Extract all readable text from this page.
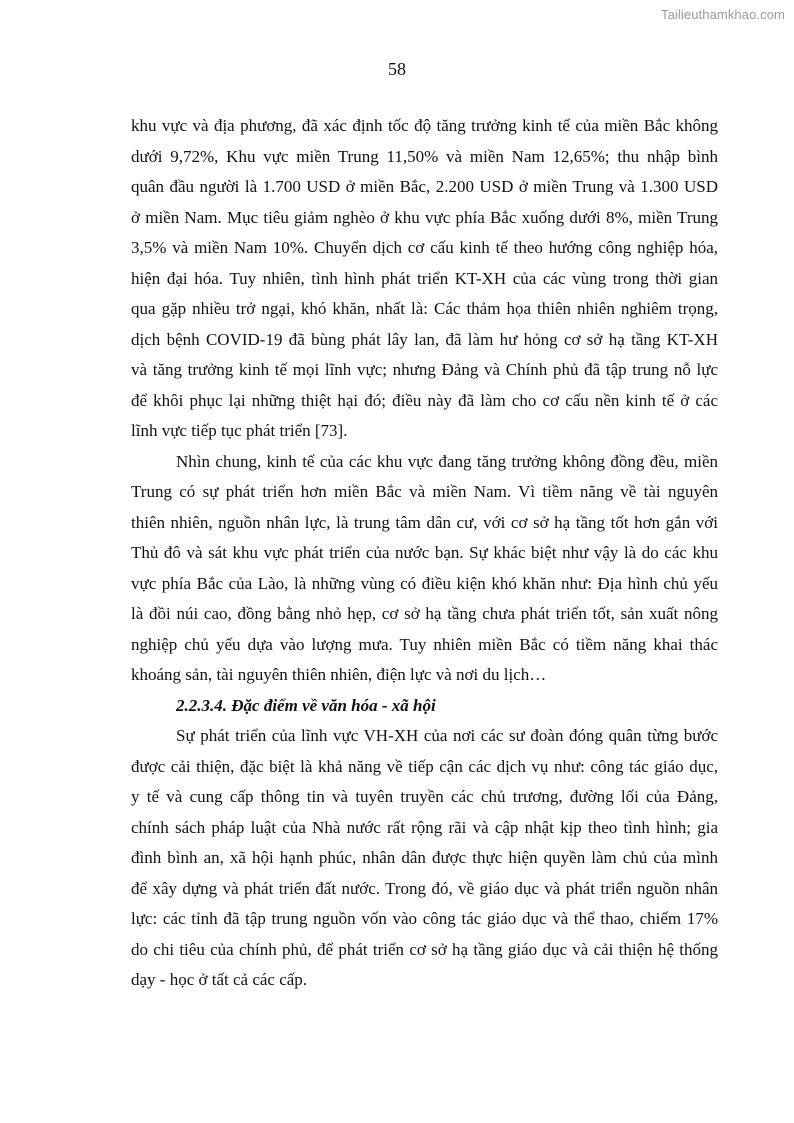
Tailieuthamkhao.com
58
khu vực và địa phương, đã xác định tốc độ tăng trưởng kinh tế của miền Bắc không
dưới 9,72%, Khu vực miền Trung 11,50% và miền Nam 12,65%; thu nhập bình
quân đầu người là 1.700 USD ở miền Bắc, 2.200 USD ở miền Trung và 1.300 USD
ở miền Nam. Mục tiêu giảm nghèo ở khu vực phía Bắc xuống dưới 8%, miền Trung
3,5% và miền Nam 10%. Chuyển dịch cơ cấu kinh tế theo hướng công nghiệp hóa,
hiện đại hóa. Tuy nhiên, tình hình phát triển KT-XH của các vùng trong thời gian
qua gặp nhiều trở ngại, khó khăn, nhất là: Các thảm họa thiên nhiên nghiêm trọng,
dịch bệnh COVID-19 đã bùng phát lây lan, đã làm hư hỏng cơ sở hạ tầng KT-XH
và tăng trưởng kinh tế mọi lĩnh vực; nhưng Đảng và Chính phủ đã tập trung nỗ lực
để khôi phục lại những thiệt hại đó; điều này đã làm cho cơ cấu nền kinh tế ở các
lĩnh vực tiếp tục phát triển [73].
Nhìn chung, kinh tế của các khu vực đang tăng trưởng không đồng đều, miền
Trung có sự phát triển hơn miền Bắc và miền Nam. Vì tiềm năng về tài nguyên
thiên nhiên, nguồn nhân lực, là trung tâm dân cư, với cơ sở hạ tầng tốt hơn gắn với
Thủ đô và sát khu vực phát triển của nước bạn. Sự khác biệt như vậy là do các khu
vực phía Bắc của Lào, là những vùng có điều kiện khó khăn như: Địa hình chủ yếu
là đồi núi cao, đồng bằng nhỏ hẹp, cơ sở hạ tầng chưa phát triển tốt, sản xuất nông
nghiệp chủ yếu dựa vào lượng mưa. Tuy nhiên miền Bắc có tiềm năng khai thác
khoáng sản, tài nguyên thiên nhiên, điện lực và nơi du lịch…
2.2.3.4. Đặc điểm về văn hóa - xã hội
Sự phát triển của lĩnh vực VH-XH của nơi các sư đoàn đóng quân từng bước
được cải thiện, đặc biệt là khả năng về tiếp cận các dịch vụ như: công tác giáo dục,
y tế và cung cấp thông tin và tuyên truyền các chủ trương, đường lối của Đảng,
chính sách pháp luật của Nhà nước rất rộng rãi và cập nhật kịp theo tình hình; gia
đình bình an, xã hội hạnh phúc, nhân dân được thực hiện quyền làm chủ của mình
để xây dựng và phát triển đất nước. Trong đó, về giáo dục và phát triển nguồn nhân
lực: các tỉnh đã tập trung nguồn vốn vào công tác giáo dục và thể thao, chiếm 17%
do chi tiêu của chính phủ, để phát triển cơ sở hạ tầng giáo dục và cải thiện hệ thống
dạy - học ở tất cả các cấp.
